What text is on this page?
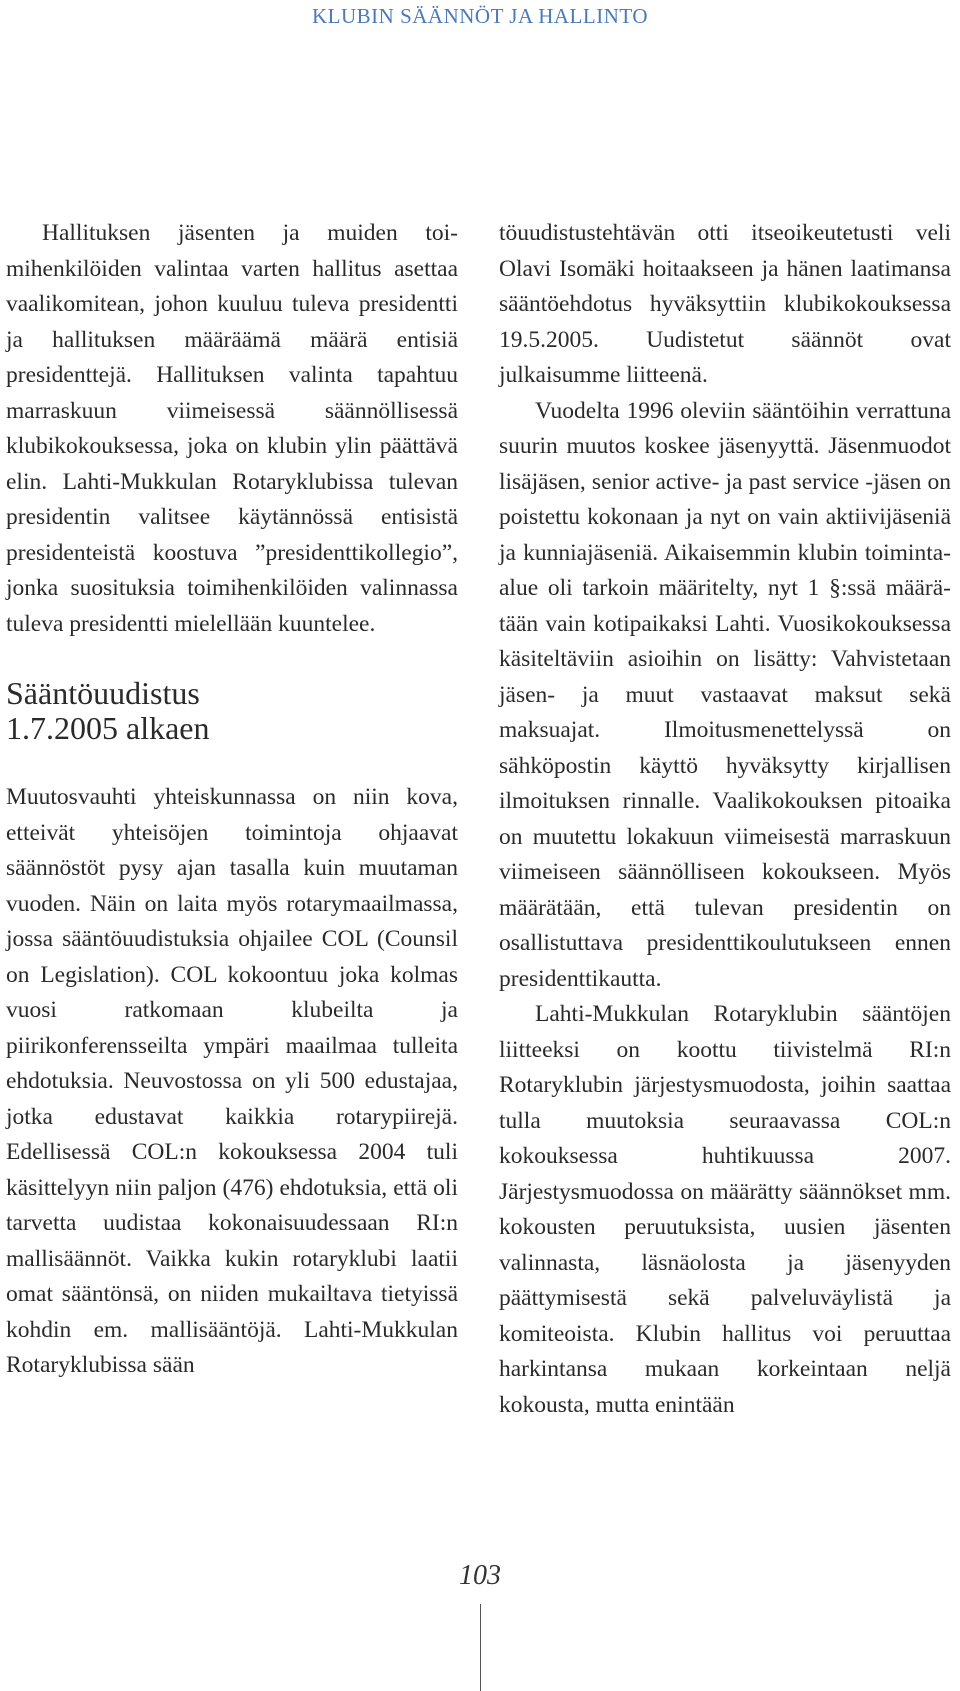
KLUBIN SÄÄNNÖT JA HALLINTO

Hallituksen jäsenten ja muiden toimihenkilöiden valintaa varten hallitus asettaa vaalikomitean, johon kuuluu tuleva presidentti ja hallituksen määräämä määrä entisiä presidenttejä. Hallituksen valinta tapahtuu marraskuun viimeisessä säännöllisessä klubikokouksessa, joka on klubin ylin päättävä elin. Lahti-Mukkulan Rotaryklubissa tulevan presidentin valitsee käytännössä entisistä presidenteistä koostuva ”presidenttikollegio”, jonka suosituksia toimihenkilöiden valinnassa tuleva presidentti mielellään kuuntelee.

Sääntöuudistus
1.7.2005 alkaen

Muutosvauhti yhteiskunnassa on niin kova, etteivät yhteisöjen toimintoja ohjaavat säännöstöt pysy ajan tasalla kuin muutaman vuoden. Näin on laita myös rotarymaailmassa, jossa sääntöuudistuksia ohjailee COL (Counsil on Legislation). COL kokoontuu joka kolmas vuosi ratkomaan klubeilta ja piirikonferensseilta ympäri maailmaa tulleita ehdotuksia. Neuvostossa on yli 500 edustajaa, jotka edustavat kaikkia rotarypiirejä. Edellisessä COL:n kokouksessa 2004 tuli käsittelyyn niin paljon (476) ehdotuksia, että oli tarvetta uudistaa kokonaisuudessaan RI:n mallisäännöt. Vaikka kukin rotaryklubi laatii omat sääntönsä, on niiden mukailtava tietyissä kohdin em. mallisääntöjä. Lahti-Mukkulan Rotaryklubissa sään

töuudistustehtävän otti itseoikeutetusti veli Olavi Isomäki hoitaakseen ja hänen laatimansa sääntöehdotus hyväksyttiin klubikokouksessa 19.5.2005. Uudistetut säännöt ovat julkaisumme liitteenä.

Vuodelta 1996 oleviin sääntöihin verrattuna suurin muutos koskee jäsenyyttä. Jäsenmuodot lisäjäsen, senior active- ja past service -jäsen on poistettu kokonaan ja nyt on vain aktiivijäseniä ja kunniajäseniä. Aikaisemmin klubin toiminta-alue oli tarkoin määritelty, nyt 1 §:ssä määrätään vain kotipaikaksi Lahti. Vuosikokouksessa käsiteltäviin asioihin on lisätty: Vahvistetaan jäsen- ja muut vastaavat maksut sekä maksuajat. Ilmoitusmenettelyssä on sähköpostin käyttö hyväksytty kirjallisen ilmoituksen rinnalle. Vaalikokouksen pitoaika on muutettu lokakuun viimeisestä marraskuun viimeiseen säännölliseen kokoukseen. Myös määrätään, että tulevan presidentin on osallistuttava presidenttikoulutukseen ennen presidenttikautta.

Lahti-Mukkulan Rotaryklubin sääntöjen liitteeksi on koottu tiivistelmä RI:n Rotaryklubin järjestysmuodosta, joihin saattaa tulla muutoksia seuraavassa COL:n kokouksessa huhtikuussa 2007. Järjestysmuodossa on määrätty säännökset mm. kokousten peruutuksista, uusien jäsenten valinnasta, läsnäolosta ja jäsenyyden päättymisestä sekä palveluväylistä ja komiteoista. Klubin hallitus voi peruuttaa harkintansa mukaan korkeintaan neljä kokousta, mutta enintään

103
